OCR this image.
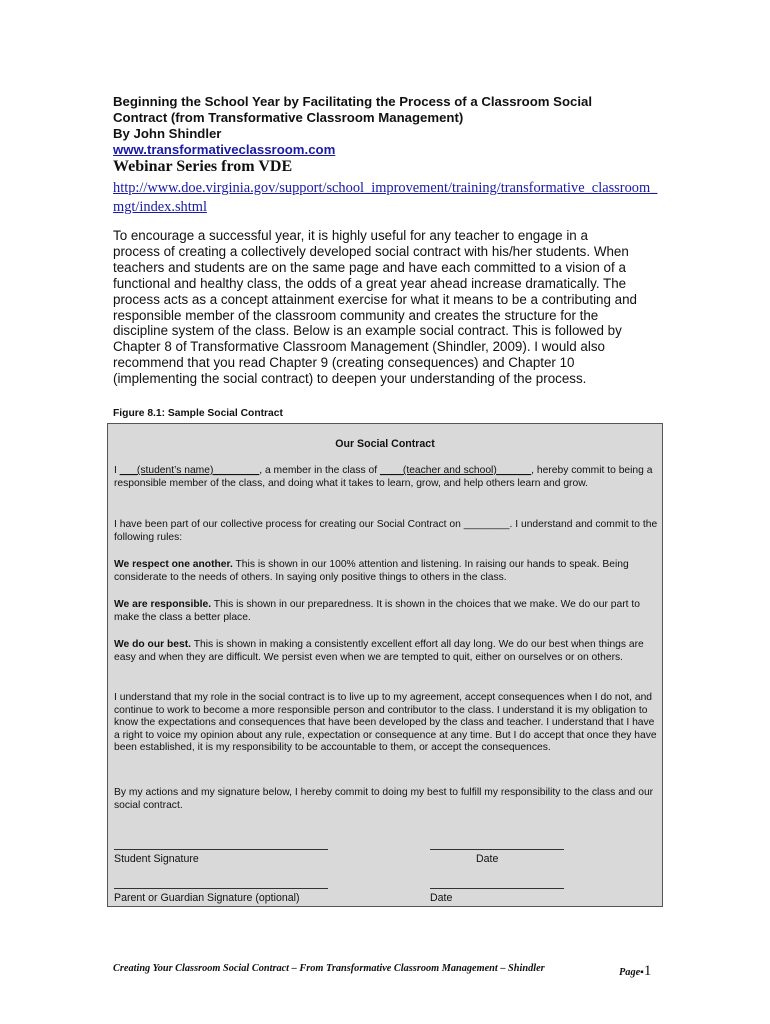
Beginning the School Year by Facilitating the Process of a Classroom Social
Contract (from Transformative Classroom Management)
By John Shindler
www.transformativeclassroom.com
Webinar Series from VDE
http://www.doe.virginia.gov/support/school_improvement/training/transformative_classroom_mgt/index.shtml
To encourage a successful year, it is highly useful for any teacher to engage in a
process of creating a collectively developed social contract with his/her students. When
teachers and students are on the same page and have each committed to a vision of a
functional and healthy class, the odds of a great year ahead increase dramatically. The
process acts as a concept attainment exercise for what it means to be a contributing and
responsible member of the classroom community and creates the structure for the
discipline system of the class. Below is an example social contract. This is followed by
Chapter 8 of Transformative Classroom Management (Shindler, 2009). I would also
recommend that you read Chapter 9 (creating consequences) and Chapter 10
(implementing the social contract) to deepen your understanding of the process.
Figure 8.1: Sample Social Contract
Our Social Contract

I ___(student’s name)________, a member in the class of ____(teacher and school)______, hereby commit to being a responsible member of the class, and doing what it takes to learn, grow, and help others learn and grow.

I have been part of our collective process for creating our Social Contract on ________. I understand and commit to the following rules:

We respect one another. This is shown in our 100% attention and listening. In raising our hands to speak. Being considerate to the needs of others. In saying only positive things to others in the class.

We are responsible. This is shown in our preparedness. It is shown in the choices that we make. We do our part to make the class a better place.

We do our best. This is shown in making a consistently excellent effort all day long. We do our best when things are easy and when they are difficult. We persist even when we are tempted to quit, either on ourselves or on others.

I understand that my role in the social contract is to live up to my agreement, accept consequences when I do not, and continue to work to become a more responsible person and contributor to the class. I understand it is my obligation to know the expectations and consequences that have been developed by the class and teacher. I understand that I have a right to voice my opinion about any rule, expectation or consequence at any time. But I do accept that once they have been established, it is my responsibility to be accountable to them, or accept the consequences.

By my actions and my signature below, I hereby commit to doing my best to fulfill my responsibility to the class and our social contract.

Student Signature	Date
Parent or Guardian Signature (optional)	Date
Creating Your Classroom Social Contract – From Transformative Classroom Management – Shindler	Page▪1
